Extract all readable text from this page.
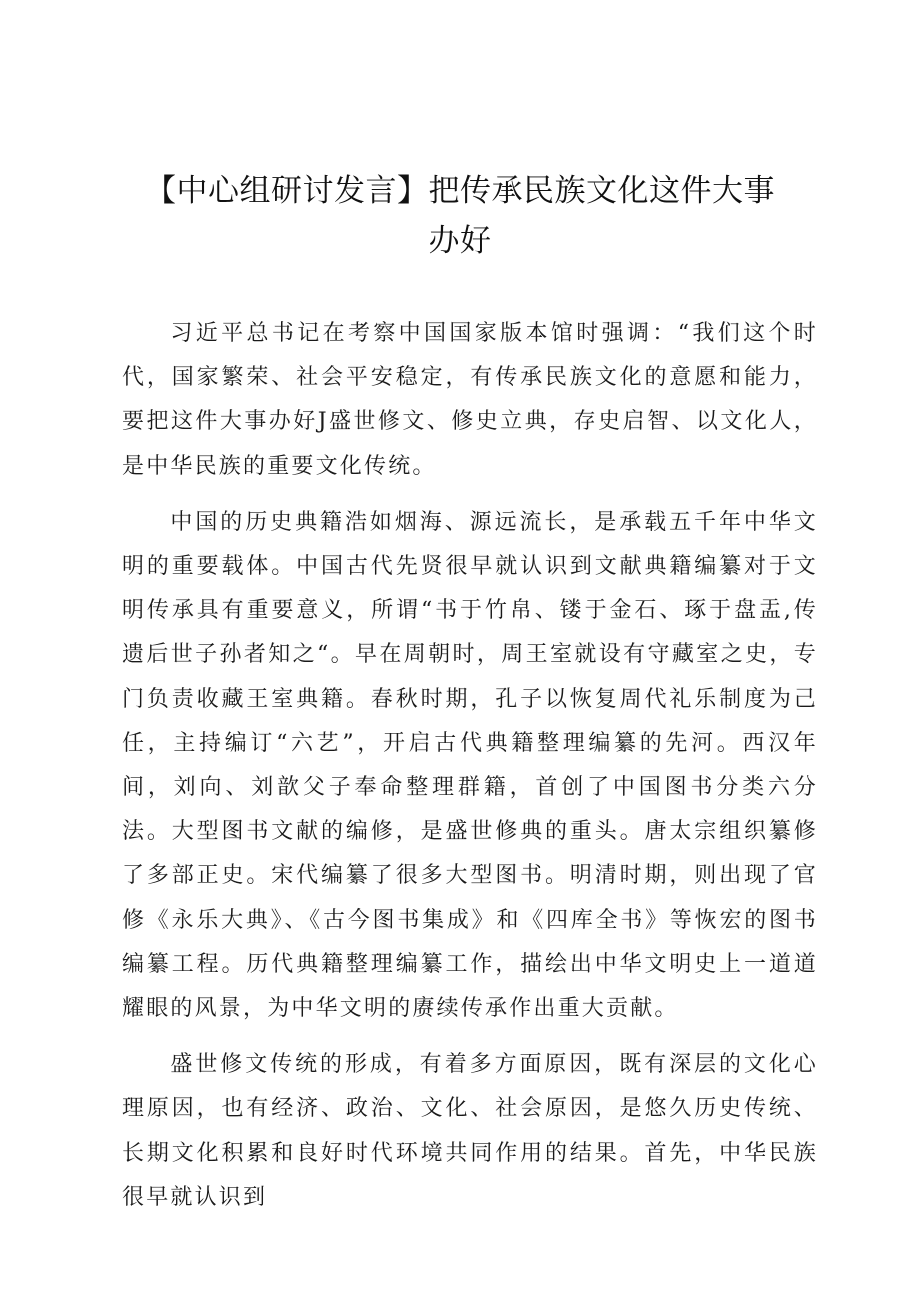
【中心组研讨发言】把传承民族文化这件大事
办好

习近平总书记在考察中国国家版本馆时强调：“我们这个时代，国家繁荣、社会平安稳定，有传承民族文化的意愿和能力，要把这件大事办好J盛世修文、修史立典，存史启智、以文化人，是中华民族的重要文化传统。

中国的历史典籍浩如烟海、源远流长，是承载五千年中华文明的重要载体。中国古代先贤很早就认识到文献典籍编纂对于文明传承具有重要意义，所谓“书于竹帛、镂于金石、琢于盘盂,传遗后世子孙者知之“。早在周朝时，周王室就设有守藏室之史，专门负责收藏王室典籍。春秋时期，孔子以恢复周代礼乐制度为己任，主持编订“六艺”，开启古代典籍整理编纂的先河。西汉年间，刘向、刘歆父子奉命整理群籍，首创了中国图书分类六分法。大型图书文献的编修，是盛世修典的重头。唐太宗组织纂修了多部正史。宋代编纂了很多大型图书。明清时期，则出现了官修《永乐大典》、《古今图书集成》和《四库全书》等恢宏的图书编纂工程。历代典籍整理编纂工作，描绘出中华文明史上一道道耀眼的风景，为中华文明的赓续传承作出重大贡献。

盛世修文传统的形成，有着多方面原因，既有深层的文化心理原因，也有经济、政治、文化、社会原因，是悠久历史传统、长期文化积累和良好时代环境共同作用的结果。首先，中华民族很早就认识到
